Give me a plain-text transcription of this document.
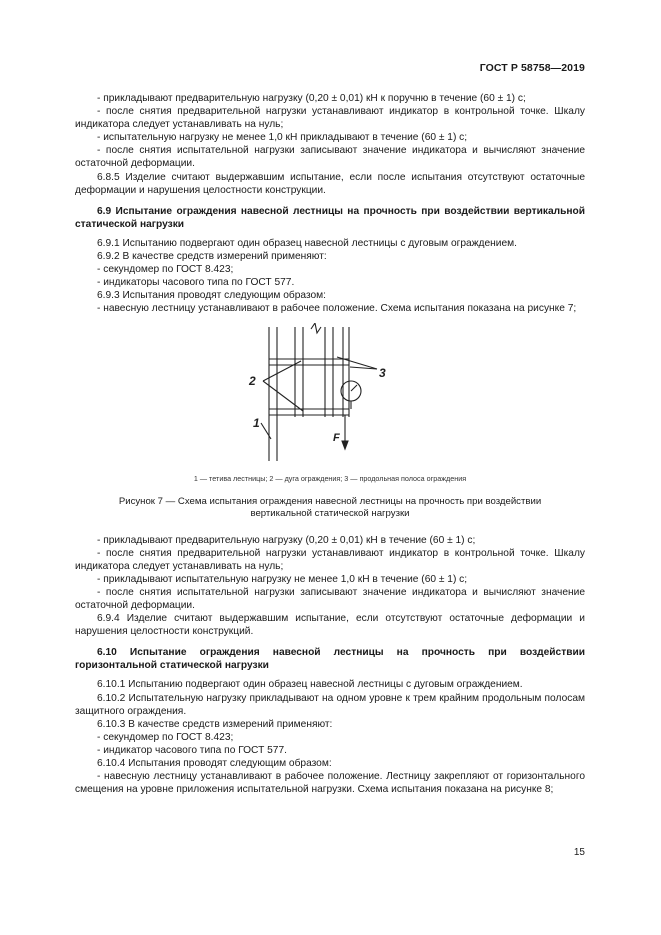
ГОСТ Р 58758—2019

- прикладывают предварительную нагрузку (0,20 ± 0,01) кН к поручню в течение (60 ± 1) с;

- после снятия предварительной нагрузки устанавливают индикатор в контрольной точке. Шкалу индикатора следует устанавливать на нуль;

- испытательную нагрузку не менее 1,0 кН прикладывают в течение (60 ± 1) с;

- после снятия испытательной нагрузки записывают значение индикатора и вычисляют значение остаточной деформации.

6.8.5 Изделие считают выдержавшим испытание, если после испытания отсутствуют остаточные деформации и нарушения целостности конструкции.

6.9 Испытание ограждения навесной лестницы на прочность при воздействии вертикальной статической нагрузки

6.9.1 Испытанию подвергают один образец навесной лестницы с дуговым ограждением.

6.9.2 В качестве средств измерений применяют:

- секундомер по ГОСТ 8.423;

- индикаторы часового типа по ГОСТ 577.

6.9.3 Испытания проводят следующим образом:

- навесную лестницу устанавливают в рабочее положение. Схема испытания показана на рисунке 7;

2
3
1
F
1 — тетива лестницы; 2 — дуга ограждения; 3 — продольная полоса ограждения
Рисунок 7 — Схема испытания ограждения навесной лестницы на прочность при воздействии вертикальной статической нагрузки

- прикладывают предварительную нагрузку (0,20 ± 0,01) кН в течение (60 ± 1) с;

- после снятия предварительной нагрузки устанавливают индикатор в контрольной точке. Шкалу индикатора следует устанавливать на нуль;

- прикладывают испытательную нагрузку не менее 1,0 кН в течение (60 ± 1) с;

- после снятия испытательной нагрузки записывают значение индикатора и вычисляют значение остаточной деформации.

6.9.4 Изделие считают выдержавшим испытание, если отсутствуют остаточные деформации и нарушения целостности конструкций.

6.10 Испытание ограждения навесной лестницы на прочность при воздействии горизонтальной статической нагрузки

6.10.1 Испытанию подвергают один образец навесной лестницы с дуговым ограждением.

6.10.2 Испытательную нагрузку прикладывают на одном уровне к трем крайним продольным полосам защитного ограждения.

6.10.3 В качестве средств измерений применяют:

- секундомер по ГОСТ 8.423;

- индикатор часового типа по ГОСТ 577.

6.10.4 Испытания проводят следующим образом:

- навесную лестницу устанавливают в рабочее положение. Лестницу закрепляют от горизонтального смещения на уровне приложения испытательной нагрузки. Схема испытания показана на рисунке 8;

15
